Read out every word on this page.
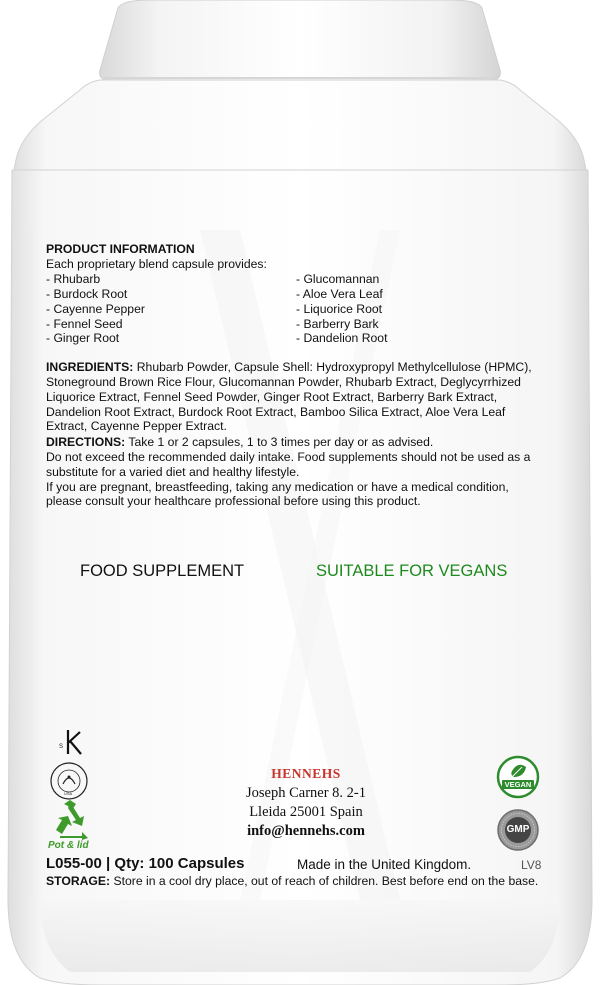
PRODUCT INFORMATION
Each proprietary blend capsule provides:
- Rhubarb
- Burdock Root
- Cayenne Pepper
- Fennel Seed
- Ginger Root
- Glucomannan
- Aloe Vera Leaf
- Liquorice Root
- Barberry Bark
- Dandelion Root
INGREDIENTS: Rhubarb Powder, Capsule Shell: Hydroxypropyl Methylcellulose (HPMC),
Stoneground Brown Rice Flour, Glucomannan Powder, Rhubarb Extract, Deglycyrrhized
Liquorice Extract, Fennel Seed Powder, Ginger Root Extract, Barberry Bark Extract,
Dandelion Root Extract, Burdock Root Extract, Bamboo Silica Extract, Aloe Vera Leaf
Extract, Cayenne Pepper Extract.
DIRECTIONS: Take 1 or 2 capsules, 1 to 3 times per day or as advised.
Do not exceed the recommended daily intake. Food supplements should not be used as a
substitute for a varied diet and healthy lifestyle.
If you are pregnant, breastfeeding, taking any medication or have a medical condition,
please consult your healthcare professional before using this product.
FOOD SUPPLEMENT	SUITABLE FOR VEGANS
S
USA
Pot & lid
HENNEHS
Joseph Carner 8. 2-1
Lleida 25001 Spain
info@hennehs.com
VEGAN
GMP
L055-00 | Qty: 100 Capsules	Made in the United Kingdom.	LV8
STORAGE: Store in a cool dry place, out of reach of children. Best before end on the base.
